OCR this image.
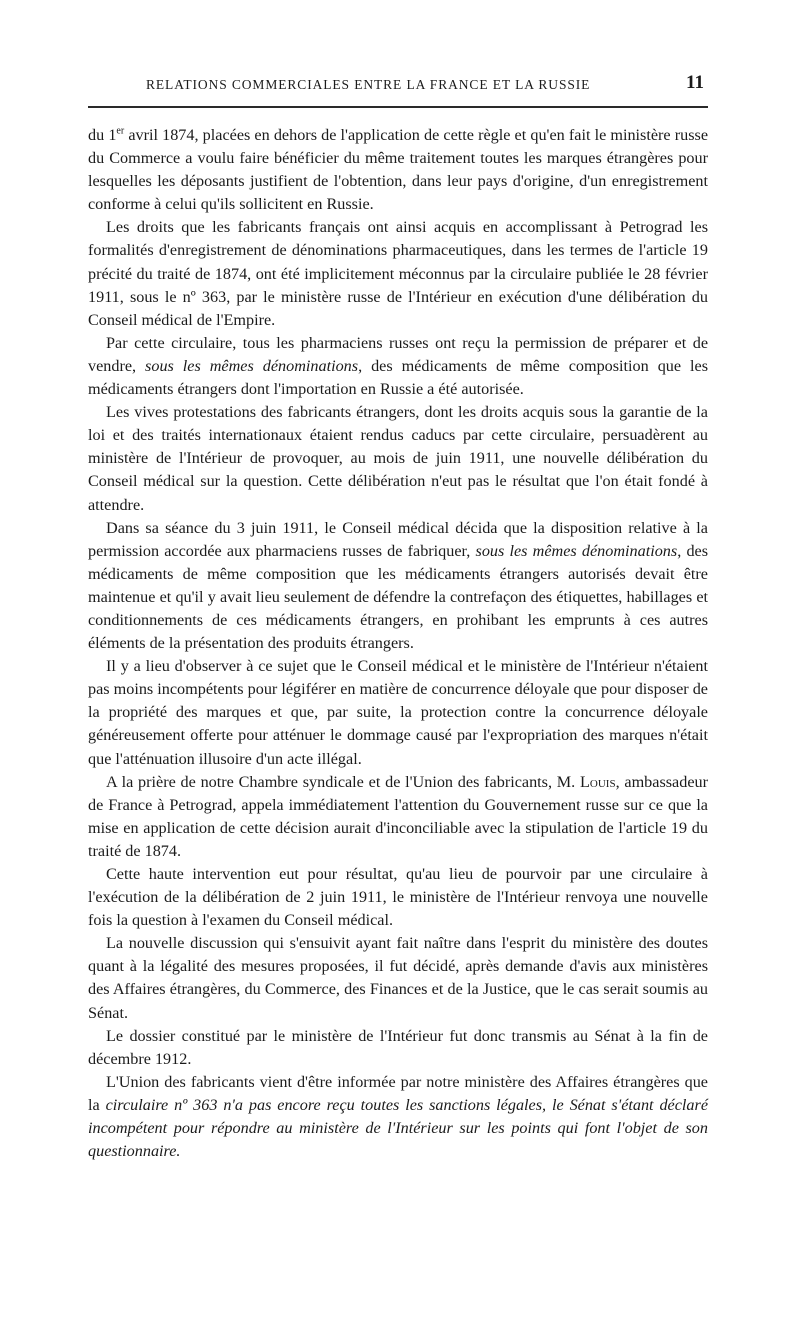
RELATIONS COMMERCIALES ENTRE LA FRANCE ET LA RUSSIE	11

du 1er avril 1874, placées en dehors de l'application de cette règle et qu'en fait le ministère russe du Commerce a voulu faire bénéficier du même traitement toutes les marques étrangères pour lesquelles les déposants justifient de l'obtention, dans leur pays d'origine, d'un enregistrement conforme à celui qu'ils sollicitent en Russie.

Les droits que les fabricants français ont ainsi acquis en accomplissant à Petrograd les formalités d'enregistrement de dénominations pharmaceutiques, dans les termes de l'article 19 précité du traité de 1874, ont été implicitement méconnus par la circulaire publiée le 28 février 1911, sous le nº 363, par le ministère russe de l'Intérieur en exécution d'une délibération du Conseil médical de l'Empire.

Par cette circulaire, tous les pharmaciens russes ont reçu la permission de préparer et de vendre, sous les mêmes dénominations, des médicaments de même composition que les médicaments étrangers dont l'importation en Russie a été autorisée.

Les vives protestations des fabricants étrangers, dont les droits acquis sous la garantie de la loi et des traités internationaux étaient rendus caducs par cette circulaire, persuadèrent au ministère de l'Intérieur de provoquer, au mois de juin 1911, une nouvelle délibération du Conseil médical sur la question. Cette délibération n'eut pas le résultat que l'on était fondé à attendre.

Dans sa séance du 3 juin 1911, le Conseil médical décida que la disposition relative à la permission accordée aux pharmaciens russes de fabriquer, sous les mêmes dénominations, des médicaments de même composition que les médicaments étrangers autorisés devait être maintenue et qu'il y avait lieu seulement de défendre la contrefaçon des étiquettes, habillages et conditionnements de ces médicaments étrangers, en prohibant les emprunts à ces autres éléments de la présentation des produits étrangers.

Il y a lieu d'observer à ce sujet que le Conseil médical et le ministère de l'Intérieur n'étaient pas moins incompétents pour légiférer en matière de concurrence déloyale que pour disposer de la propriété des marques et que, par suite, la protection contre la concurrence déloyale généreusement offerte pour atténuer le dommage causé par l'expropriation des marques n'était que l'atténuation illusoire d'un acte illégal.

A la prière de notre Chambre syndicale et de l'Union des fabricants, M. Louis, ambassadeur de France à Petrograd, appela immédiatement l'attention du Gouvernement russe sur ce que la mise en application de cette décision aurait d'inconciliable avec la stipulation de l'article 19 du traité de 1874.

Cette haute intervention eut pour résultat, qu'au lieu de pourvoir par une circulaire à l'exécution de la délibération de 2 juin 1911, le ministère de l'Intérieur renvoya une nouvelle fois la question à l'examen du Conseil médical.

La nouvelle discussion qui s'ensuivit ayant fait naître dans l'esprit du ministère des doutes quant à la légalité des mesures proposées, il fut décidé, après demande d'avis aux ministères des Affaires étrangères, du Commerce, des Finances et de la Justice, que le cas serait soumis au Sénat.

Le dossier constitué par le ministère de l'Intérieur fut donc transmis au Sénat à la fin de décembre 1912.

L'Union des fabricants vient d'être informée par notre ministère des Affaires étrangères que la circulaire nº 363 n'a pas encore reçu toutes les sanctions légales, le Sénat s'étant déclaré incompétent pour répondre au ministère de l'Intérieur sur les points qui font l'objet de son questionnaire.
